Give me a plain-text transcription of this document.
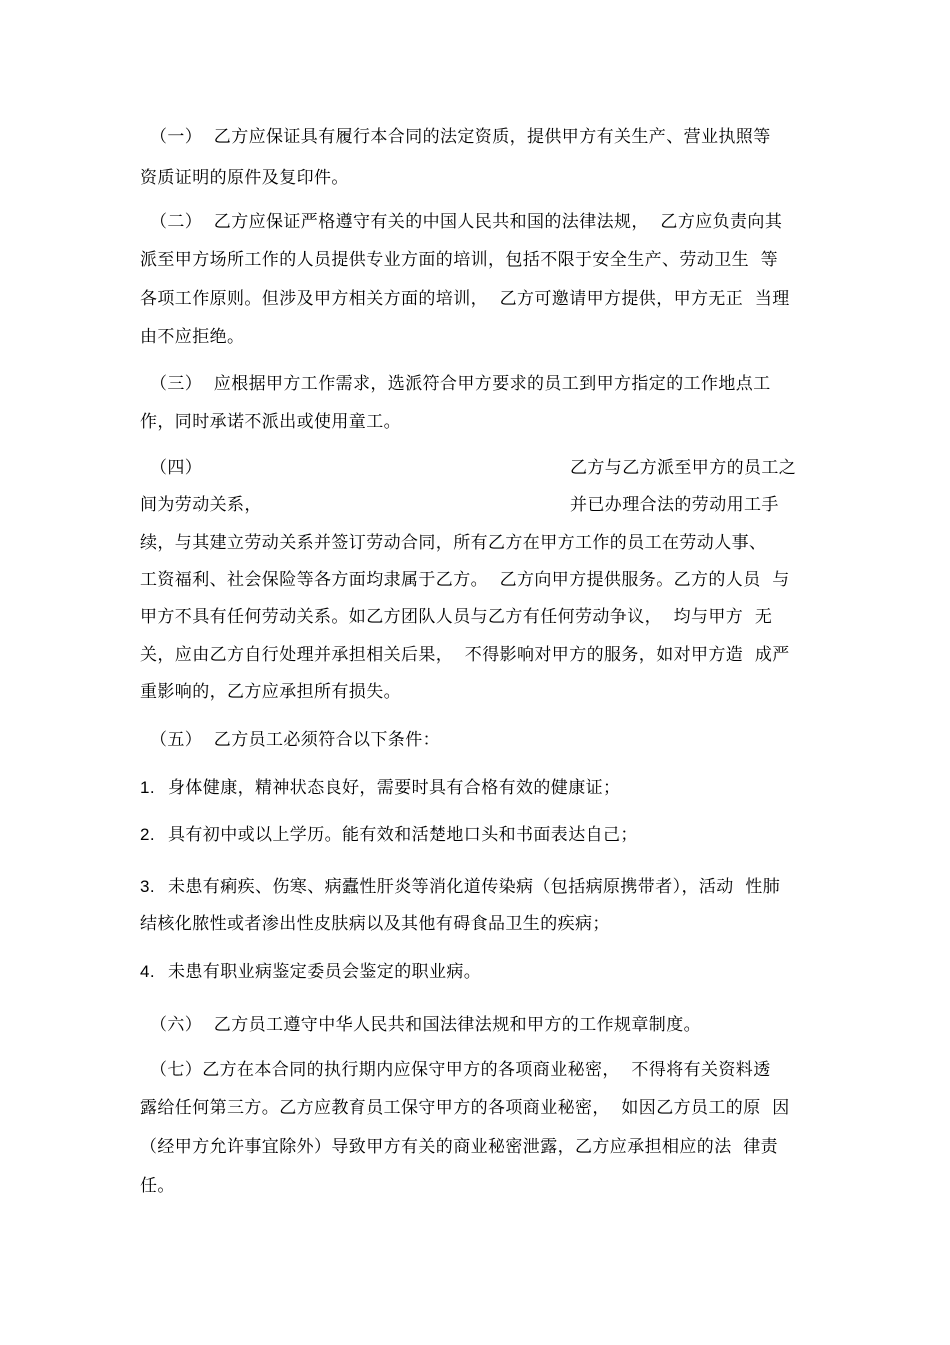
（一）  乙方应保证具有履行本合同的法定资质，提供甲方有关生产、营业执照等
资质证明的原件及复印件。
（二）  乙方应保证严格遵守有关的中国人民共和国的法律法规，  乙方应负责向其
派至甲方场所工作的人员提供专业方面的培训，包括不限于安全生产、劳动卫生  等
各项工作原则。但涉及甲方相关方面的培训，  乙方可邀请甲方提供，甲方无正  当理
由不应拒绝。
（三）  应根据甲方工作需求，选派符合甲方要求的员工到甲方指定的工作地点工
作，同时承诺不派出或使用童工。
（四）	乙方与乙方派至甲方的员工之
间为劳动关系，	并已办理合法的劳动用工手
续，与其建立劳动关系并签订劳动合同，所有乙方在甲方工作的员工在劳动人事、
工资福利、社会保险等各方面均隶属于乙方。  乙方向甲方提供服务。乙方的人员  与
甲方不具有任何劳动关系。如乙方团队人员与乙方有任何劳动争议，  均与甲方  无
关，应由乙方自行处理并承担相关后果，  不得影响对甲方的服务，如对甲方造  成严
重影响的，乙方应承担所有损失。
（五）  乙方员工必须符合以下条件：
1. 身体健康，精神状态良好，需要时具有合格有效的健康证；
2. 具有初中或以上学历。能有效和活楚地口头和书面表达自己；
3. 未患有痢疾、伤寒、病蠹性肝炎等消化道传染病（包括病原携带者），活动  性肺
结核化脓性或者渗出性皮肤病以及其他有碍食品卫生的疾病；
4. 未患有职业病鉴定委员会鉴定的职业病。
（六）  乙方员工遵守中华人民共和国法律法规和甲方的工作规章制度。
（七）乙方在本合同的执行期内应保守甲方的各项商业秘密，  不得将有关资料透
露给任何第三方。乙方应教育员工保守甲方的各项商业秘密，  如因乙方员工的原  因
（经甲方允许事宜除外）导致甲方有关的商业秘密泄露，乙方应承担相应的法  律责
任。
